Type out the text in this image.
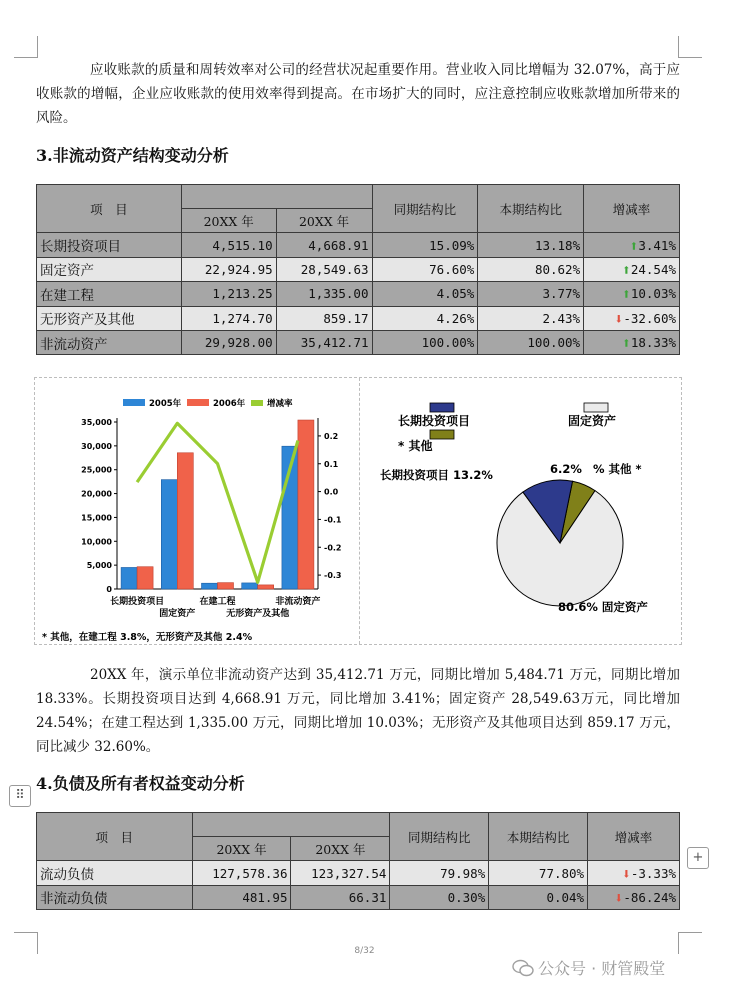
应收账款的质量和周转效率对公司的经营状况起重要作用。营业收入同比增幅为 32.07%，高于应收账款的增幅，企业应收账款的使用效率得到提高。在市场扩大的同时，应注意控制应收账款增加所带来的风险。

3.非流动资产结构变动分析
项　目			同期结构比	本期结构比	增减率
	20XX 年	20XX 年			
长期投资项目	4,515.10	4,668.91	15.09%	13.18%	⬆3.41%
固定资产	22,924.95	28,549.63	76.60%	80.62%	⬆24.54%
在建工程	1,213.25	1,335.00	4.05%	3.77%	⬆10.03%
无形资产及其他	1,274.70	859.17	4.26%	2.43%	⬇-32.60%
非流动资产	29,928.00	35,412.71	100.00%	100.00%	⬆18.33%
0
5,000
10,000
15,000
20,000
25,000
30,000
35,000
-0.3
-0.2
-0.1
0.0
0.1
0.2
长期投资项目
固定资产
在建工程
无形资产及其他
非流动资产
2005年	2006年	增减率
长期投资项目	固定资产
* 其他
长期投资项目 13.2%	6.2% % 其他 *
80.6% 固定资产
* 其他，在建工程 3.8%，无形资产及其他 2.4%

20XX 年，演示单位非流动资产达到 35,412.71 万元，同期比增加 5,484.71 万元，同期比增加 18.33%。长期投资项目达到 4,668.91 万元，同比增加 3.41%；固定资产 28,549.63万元，同比增加 24.54%；在建工程达到 1,335.00 万元，同期比增加 10.03%；无形资产及其他项目达到 859.17 万元，同比减少 32.60%。

4.负债及所有者权益变动分析
项　目			同期结构比	本期结构比	增减率
	20XX 年	20XX 年			
流动负债	127,578.36	123,327.54	79.98%	77.80%	⬇-3.33%
非流动负债	481.95	66.31	0.30%	0.04%	⬇-86.24%
⠿
+
8/32
公众号 · 财管殿堂
